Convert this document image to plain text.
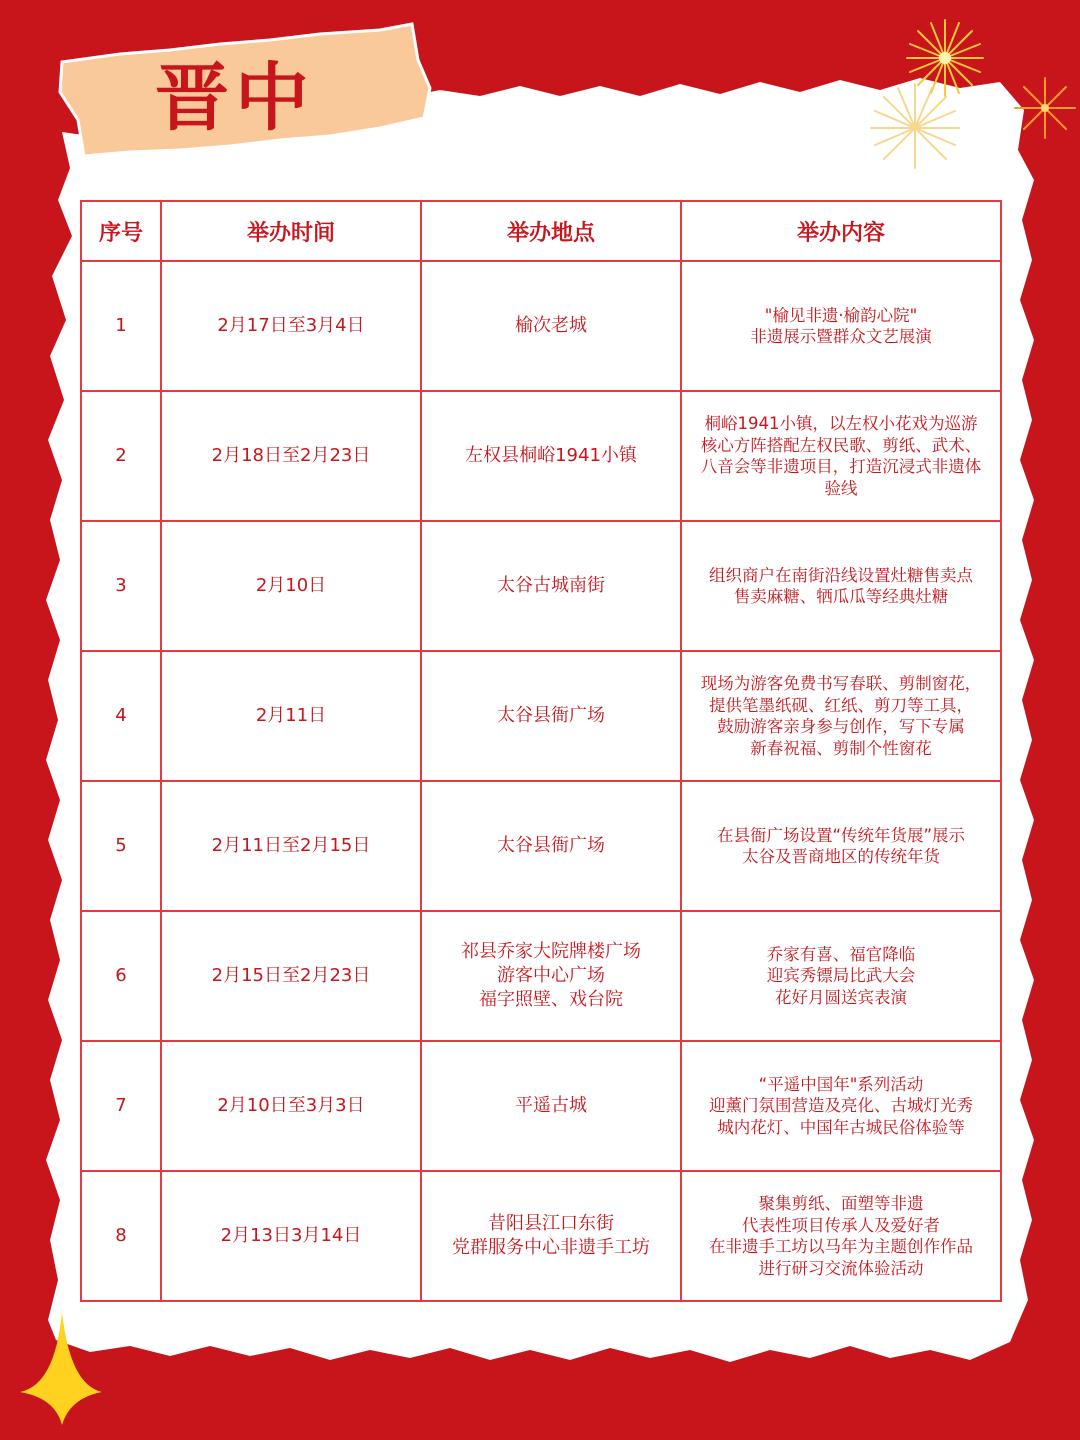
晋中
序号	举办时间	举办地点	举办内容
1	2月17日至3月4日	榆次老城	"榆见非遗·榆韵心院"
非遗展示暨群众文艺展演
2	2月18日至2月23日	左权县桐峪1941小镇	桐峪1941小镇，以左权小花戏为巡游核心方阵搭配左权民歌、剪纸、武术、八音会等非遗项目，打造沉浸式非遗体验线
3	2月10日	太谷古城南街	组织商户在南街沿线设置灶糖售卖点
售卖麻糖、牺瓜瓜等经典灶糖
4	2月11日	太谷县衙广场	现场为游客免费书写春联、剪制窗花，
提供笔墨纸砚、红纸、剪刀等工具，
鼓励游客亲身参与创作，写下专属
新春祝福、剪制个性窗花
5	2月11日至2月15日	太谷县衙广场	在县衙广场设置“传统年货展”展示
太谷及晋商地区的传统年货
6	2月15日至2月23日	祁县乔家大院牌楼广场
游客中心广场
福字照壁、戏台院	乔家有喜、福官降临
迎宾秀镖局比武大会
花好月圆送宾表演
7	2月10日至3月3日	平遥古城	“平遥中国年"系列活动
迎薰门氛围营造及亮化、古城灯光秀
城内花灯、中国年古城民俗体验等
8	2月13日3月14日	昔阳县江口东街
党群服务中心非遗手工坊	聚集剪纸、面塑等非遗
代表性项目传承人及爱好者
在非遗手工坊以马年为主题创作作品
进行研习交流体验活动
